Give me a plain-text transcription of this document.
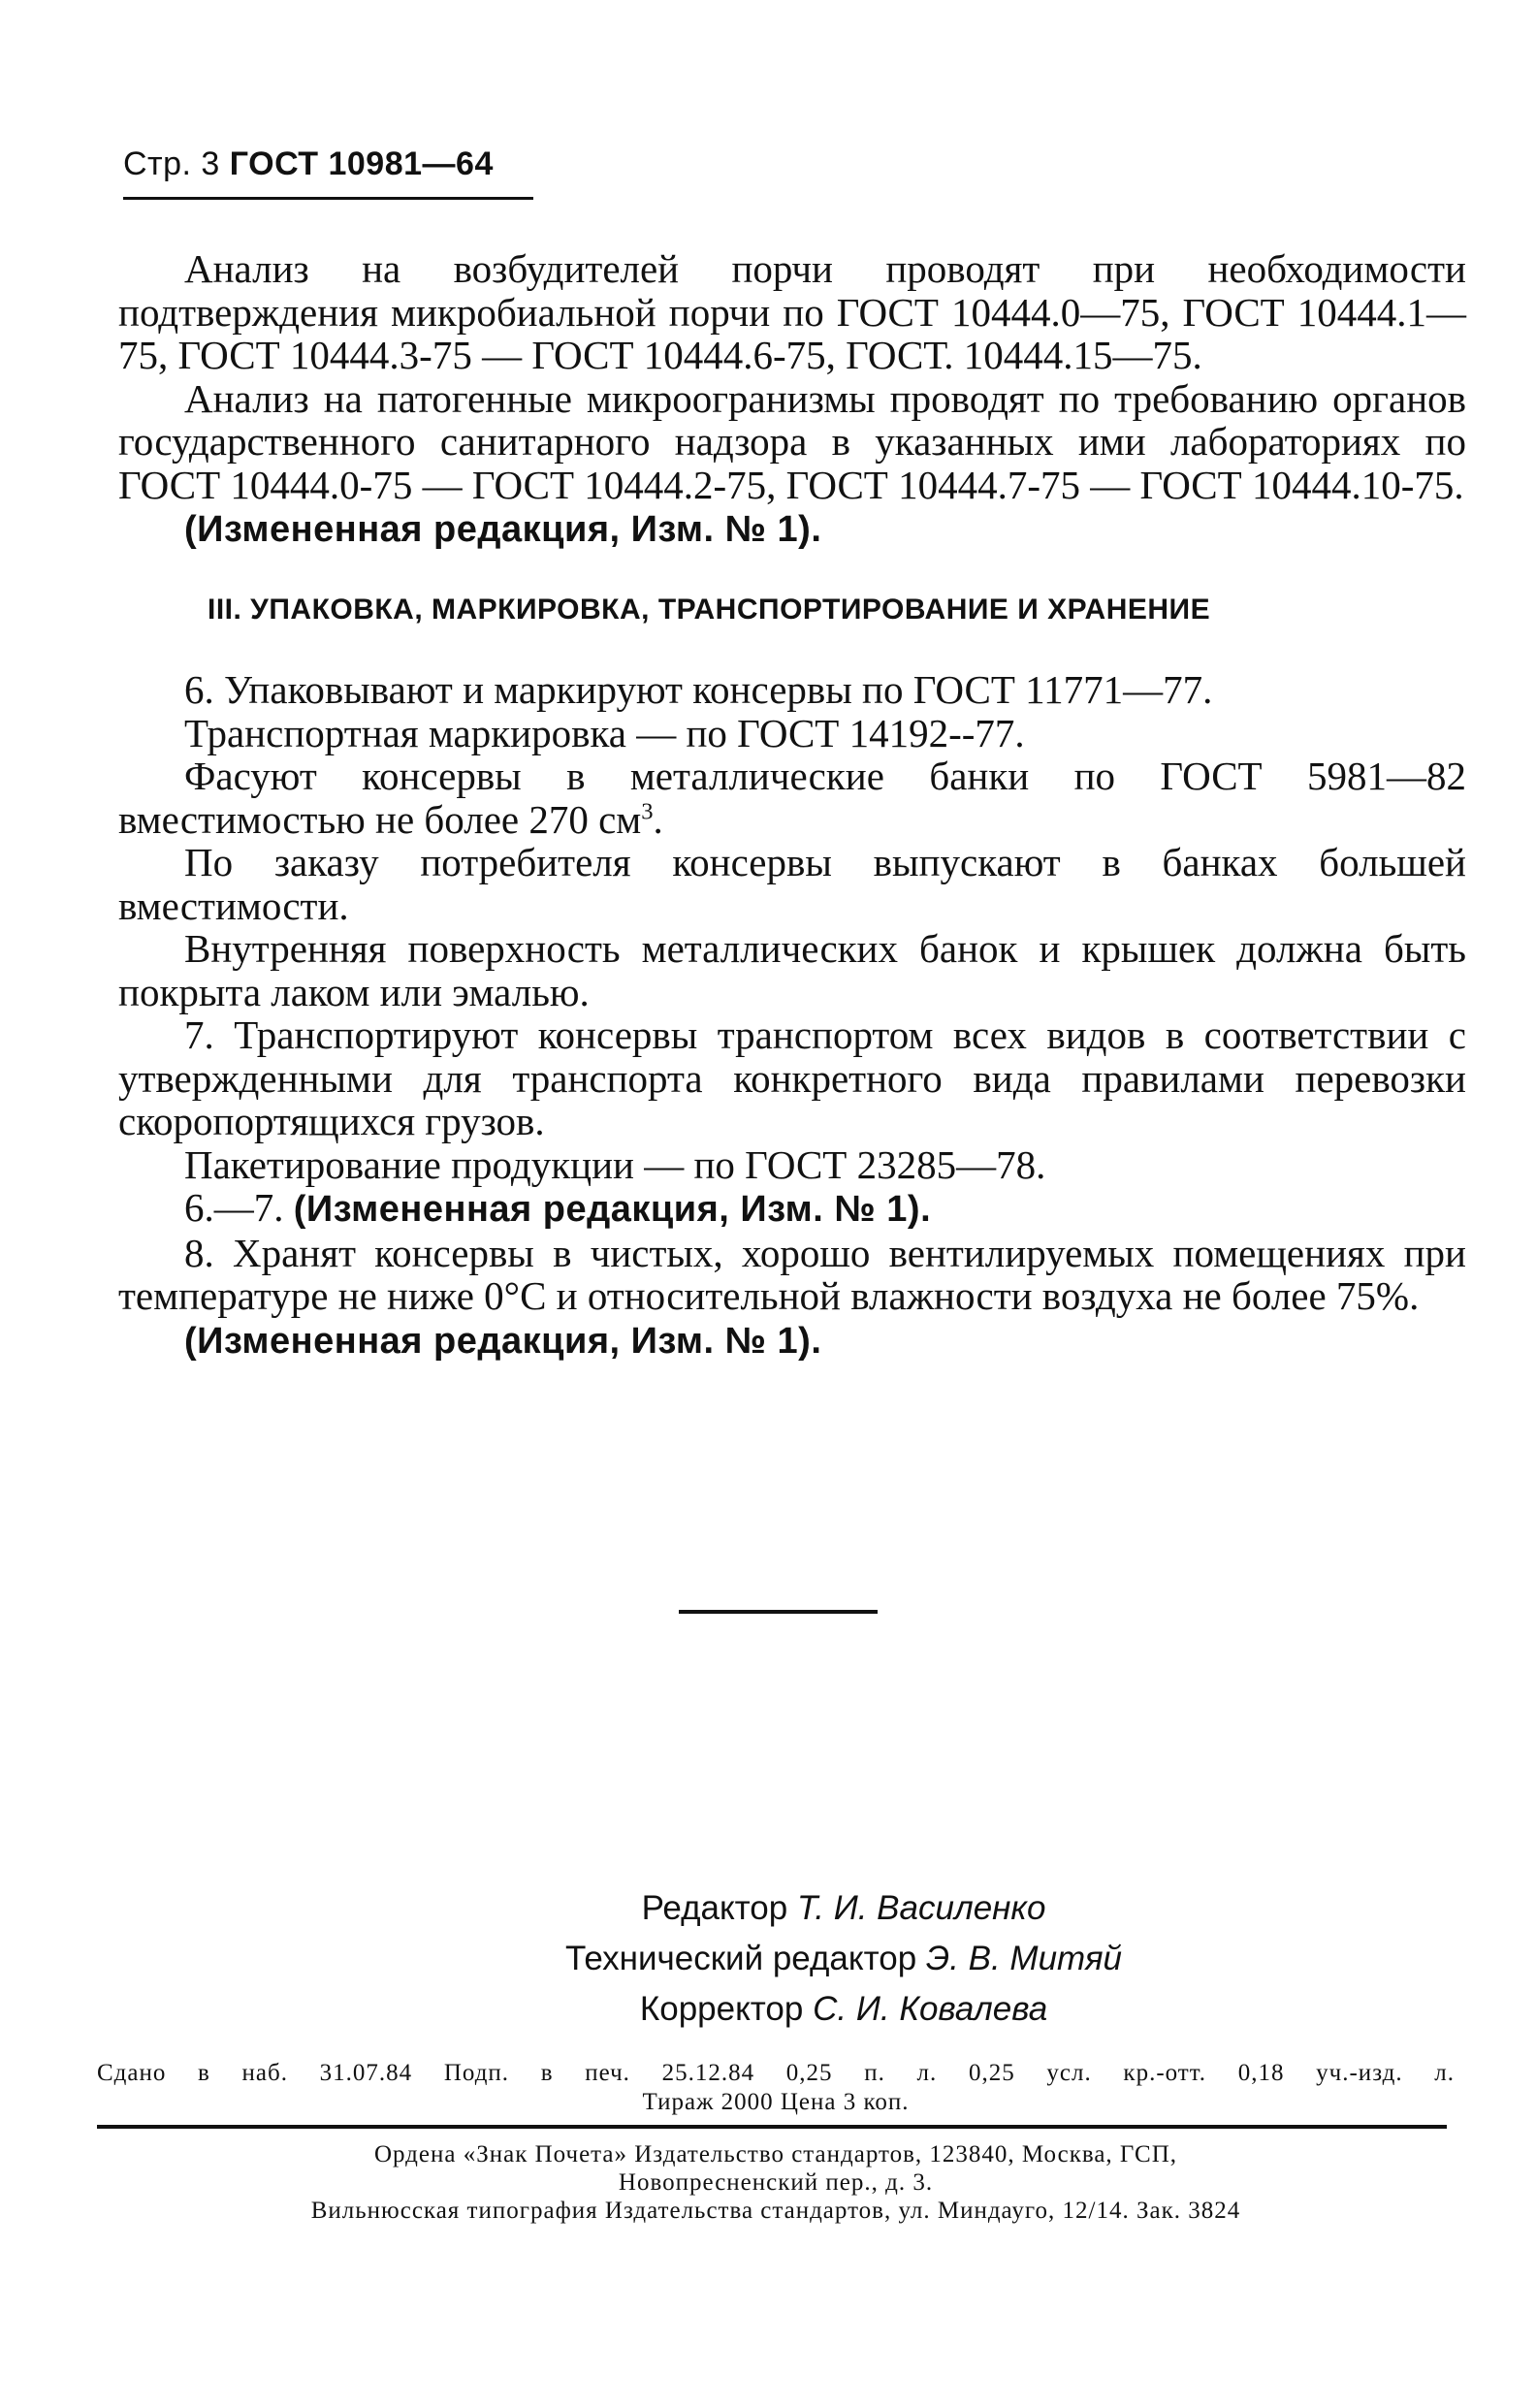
Стр. 3 ГОСТ 10981—64

Анализ на возбудителей порчи проводят при необходимости подтверждения микробиальной порчи по ГОСТ 10444.0—75, ГОСТ 10444.1—75, ГОСТ 10444.3-75 — ГОСТ 10444.6-75, ГОСТ. 10444.15—75.

Анализ на патогенные микроогранизмы проводят по требованию органов государственного санитарного надзора в указанных ими лабораториях по ГОСТ 10444.0-75 — ГОСТ 10444.2-75, ГОСТ 10444.7-75 — ГОСТ 10444.10-75.

(Измененная редакция, Изм. № 1).

III. УПАКОВКА, МАРКИРОВКА, ТРАНСПОРТИРОВАНИЕ И ХРАНЕНИЕ

6. Упаковывают и маркируют консервы по ГОСТ 11771—77.

Транспортная маркировка — по ГОСТ 14192--77.

Фасуют консервы в металлические банки по ГОСТ 5981—82 вместимостью не более 270 $см^3$.

По заказу потребителя консервы выпускают в банках большей вместимости.

Внутренняя поверхность металлических банок и крышек должна быть покрыта лаком или эмалью.

7. Транспортируют консервы транспортом всех видов в соответствии с утвержденными для транспорта конкретного вида правилами перевозки скоропортящихся грузов.

Пакетирование продукции — по ГОСТ 23285—78.

6.—7. (Измененная редакция, Изм. № 1).

8. Хранят консервы в чистых, хорошо вентилируемых помещениях при температуре не ниже 0°С и относительной влажности воздуха не более 75%.

(Измененная редакция, Изм. № 1).

Редактор Т. И. Василенко
Технический редактор Э. В. Митяй
Корректор С. И. Ковалева
Сдано в наб. 31.07.84 Подп. в печ. 25.12.84 0,25 п. л. 0,25 усл. кр.-отт. 0,18 уч.-изд. л.
Тираж 2000 Цена 3 коп.
Ордена «Знак Почета» Издательство стандартов, 123840, Москва, ГСП,
Новопресненский пер., д. 3.
Вильнюсская типография Издательства стандартов, ул. Миндауго, 12/14. Зак. 3824
